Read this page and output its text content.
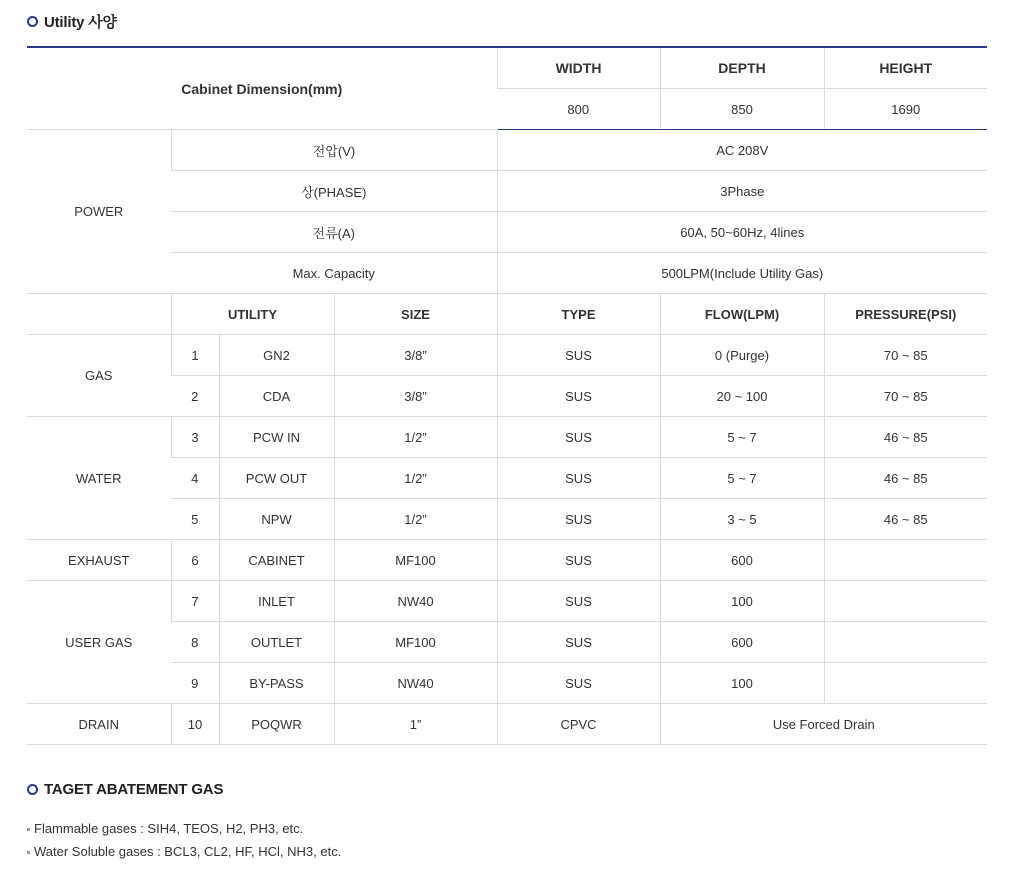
Utility 사양
Cabinet Dimension(mm)				WIDTH	DEPTH	HEIGHT
				800	850	1690
POWER	전압(V)			AC 208V		
	상(PHASE)			3Phase		
	전류(A)			60A, 50~60Hz, 4lines		
	Max. Capacity			500LPM(Include Utility Gas)		
	UTILITY		SIZE	TYPE	FLOW(LPM)	PRESSURE(PSI)
GAS	1	GN2	3/8”	SUS	0 (Purge)	70 ~ 85
	2	CDA	3/8”	SUS	20 ~ 100	70 ~ 85
WATER	3	PCW IN	1/2”	SUS	5 ~ 7	46 ~ 85
	4	PCW OUT	1/2”	SUS	5 ~ 7	46 ~ 85
	5	NPW	1/2”	SUS	3 ~ 5	46 ~ 85
EXHAUST	6	CABINET	MF100	SUS	600	
USER GAS	7	INLET	NW40	SUS	100	
	8	OUTLET	MF100	SUS	600	
	9	BY-PASS	NW40	SUS	100	
DRAIN	10	POQWR	1”	CPVC	Use Forced Drain	
TAGET ABATEMENT GAS
Flammable gases : SIH4, TEOS, H2, PH3, etc.
Water Soluble gases : BCL3, CL2, HF, HCl, NH3, etc.
